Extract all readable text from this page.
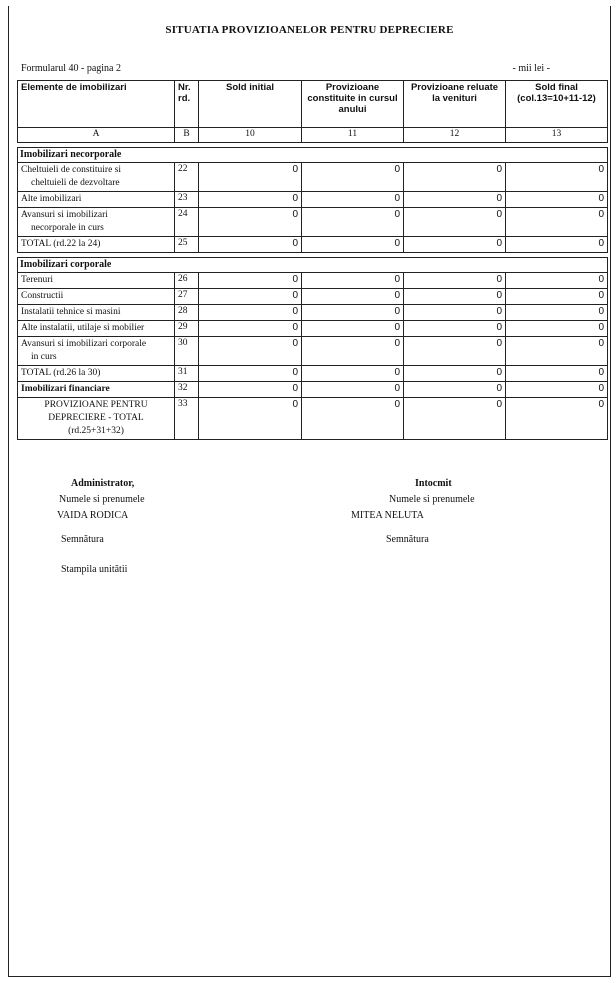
SITUATIA PROVIZIOANELOR PENTRU DEPRECIERE
Formularul 40 - pagina 2	- mii lei -
Elemente de imobilizari	Nr. rd.	Sold initial	Provizioane constituite in cursul anului	Provizioane reluate la venituri	Sold final (col.13=10+11-12)
A	B	10	11	12	13

Imobilizari necorporale					
Cheltuieli de constituire si
cheltuieli de dezvoltare	22	0	0	0	0
Alte imobilizari	23	0	0	0	0
Avansuri si imobilizari
necorporale in curs	24	0	0	0	0
TOTAL (rd.22 la 24)	25	0	0	0	0

Imobilizari corporale					
Terenuri	26	0	0	0	0
Constructii	27	0	0	0	0
Instalatii tehnice si masini	28	0	0	0	0
Alte instalatii, utilaje si mobilier	29	0	0	0	0
Avansuri si imobilizari corporale
in curs	30	0	0	0	0
TOTAL (rd.26 la 30)	31	0	0	0	0
Imobilizari financiare	32	0	0	0	0
PROVIZIOANE PENTRU
DEPRECIERE - TOTAL
(rd.25+31+32)	33	0	0	0	0
Administrator,
Numele si prenumele
VAIDA RODICA
Semnătura
Stampila unitătii
Intocmit
Numele si prenumele
MITEA NELUTA
Semnătura
